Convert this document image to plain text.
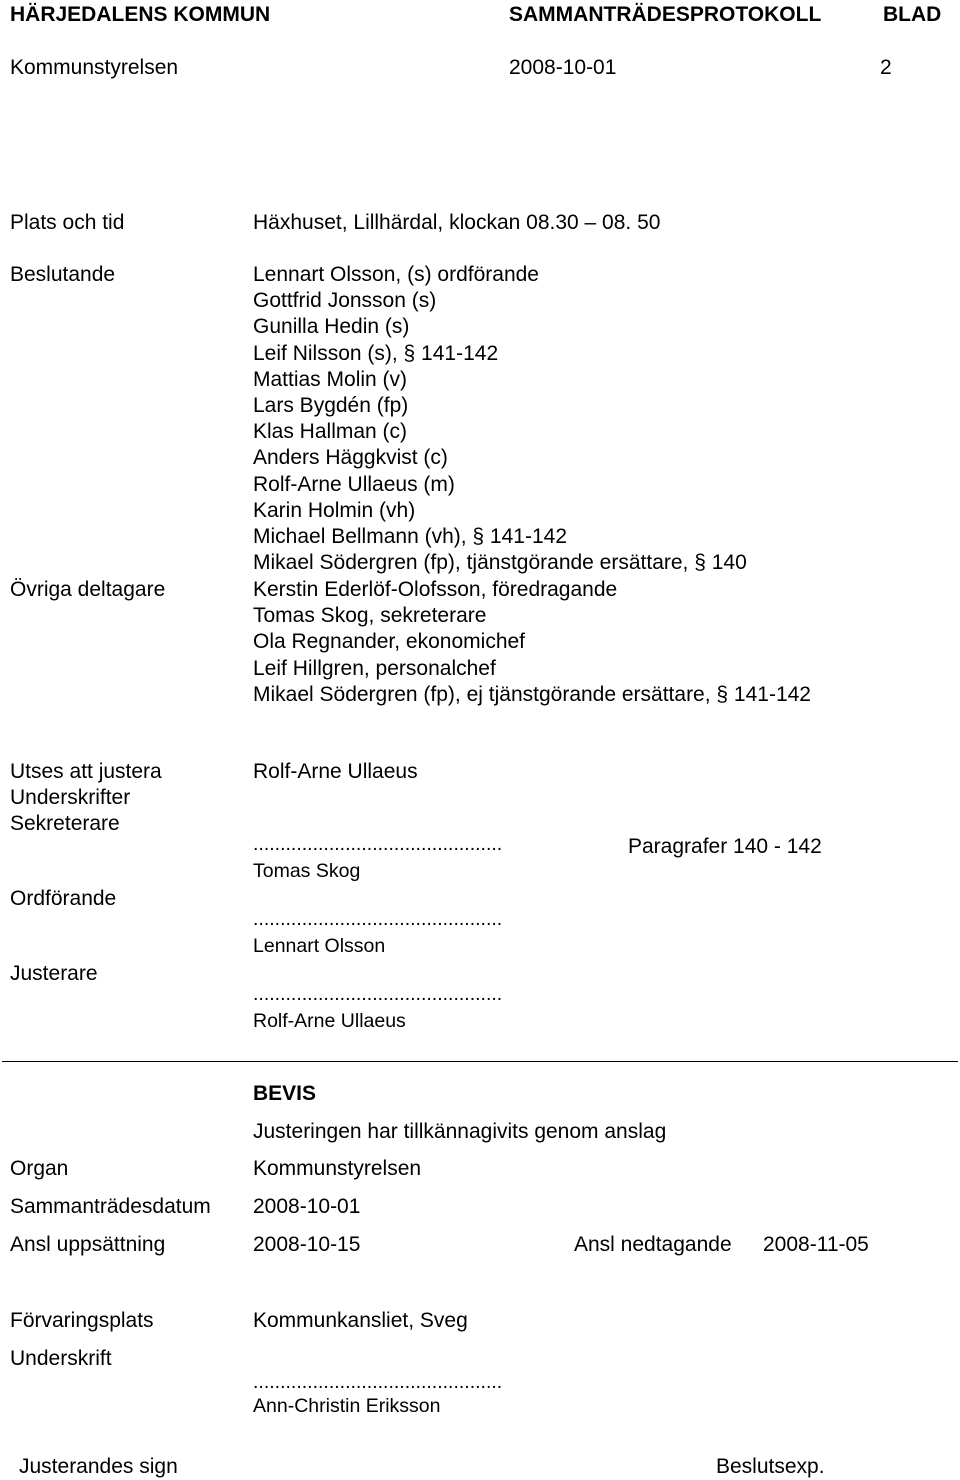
HÄRJEDALENS KOMMUN	SAMMANTRÄDESPROTOKOLL	BLAD
Kommunstyrelsen	2008-10-01	2
Plats och tid	Häxhuset, Lillhärdal, klockan 08.30 – 08. 50
Beslutande	Lennart Olsson, (s) ordförande
Gottfrid Jonsson (s)
Gunilla Hedin (s)
Leif Nilsson (s), § 141-142
Mattias Molin (v)
Lars Bygdén (fp)
Klas Hallman (c)
Anders Häggkvist (c)
Rolf-Arne Ullaeus (m)
Karin Holmin (vh)
Michael Bellmann (vh), § 141-142
Mikael Södergren (fp), tjänstgörande ersättare, § 140
Övriga deltagare	Kerstin Ederlöf-Olofsson, föredragande
Tomas Skog, sekreterare
Ola Regnander, ekonomichef
Leif Hillgren, personalchef
Mikael Södergren (fp), ej tjänstgörande ersättare, § 141-142
Utses att justera	Rolf-Arne Ullaeus
Underskrifter
Sekreterare
..............................................	Paragrafer 140 - 142
Tomas Skog
Ordförande
..............................................
Lennart Olsson
Justerare
..............................................
Rolf-Arne Ullaeus
BEVIS
Justeringen har tillkännagivits genom anslag
Organ	Kommunstyrelsen
Sammanträdesdatum 2008-10-01
Ansl uppsättning	2008-10-15	Ansl nedtagande 2008-11-05
Förvaringsplats	Kommunkansliet, Sveg
Underskrift
..............................................
Ann-Christin Eriksson
Justerandes sign	Beslutsexp.
